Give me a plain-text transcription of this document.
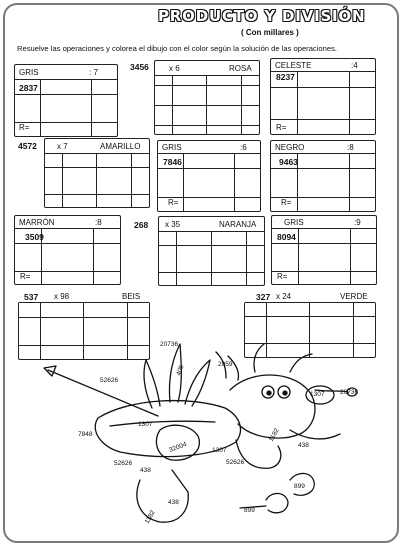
PRODUCTO Y DIVISIÓN
( Con millares )
Resuelve las operaciones y colorea el dibujo con el color según la solución de las operaciones.
GRIS	: 7

2837
R=
3456	x 6	ROSA

				CELESTE	:4

8237
R=
4572	x 7	AMARILLO

				GRIS	:6

7846
R=
NEGRO	:8

9463
R=
MARRÓN	:8

3509
R=
268 x 35	NARANJA

				GRIS	:9

8094
R=
537

			x 98	BEIS	327

			x 24	VERDE
20736
2059
405
52626
1307 20736
7848
1307
32004	1307
1182
438
52626
438
52626
438
1182
899
899
